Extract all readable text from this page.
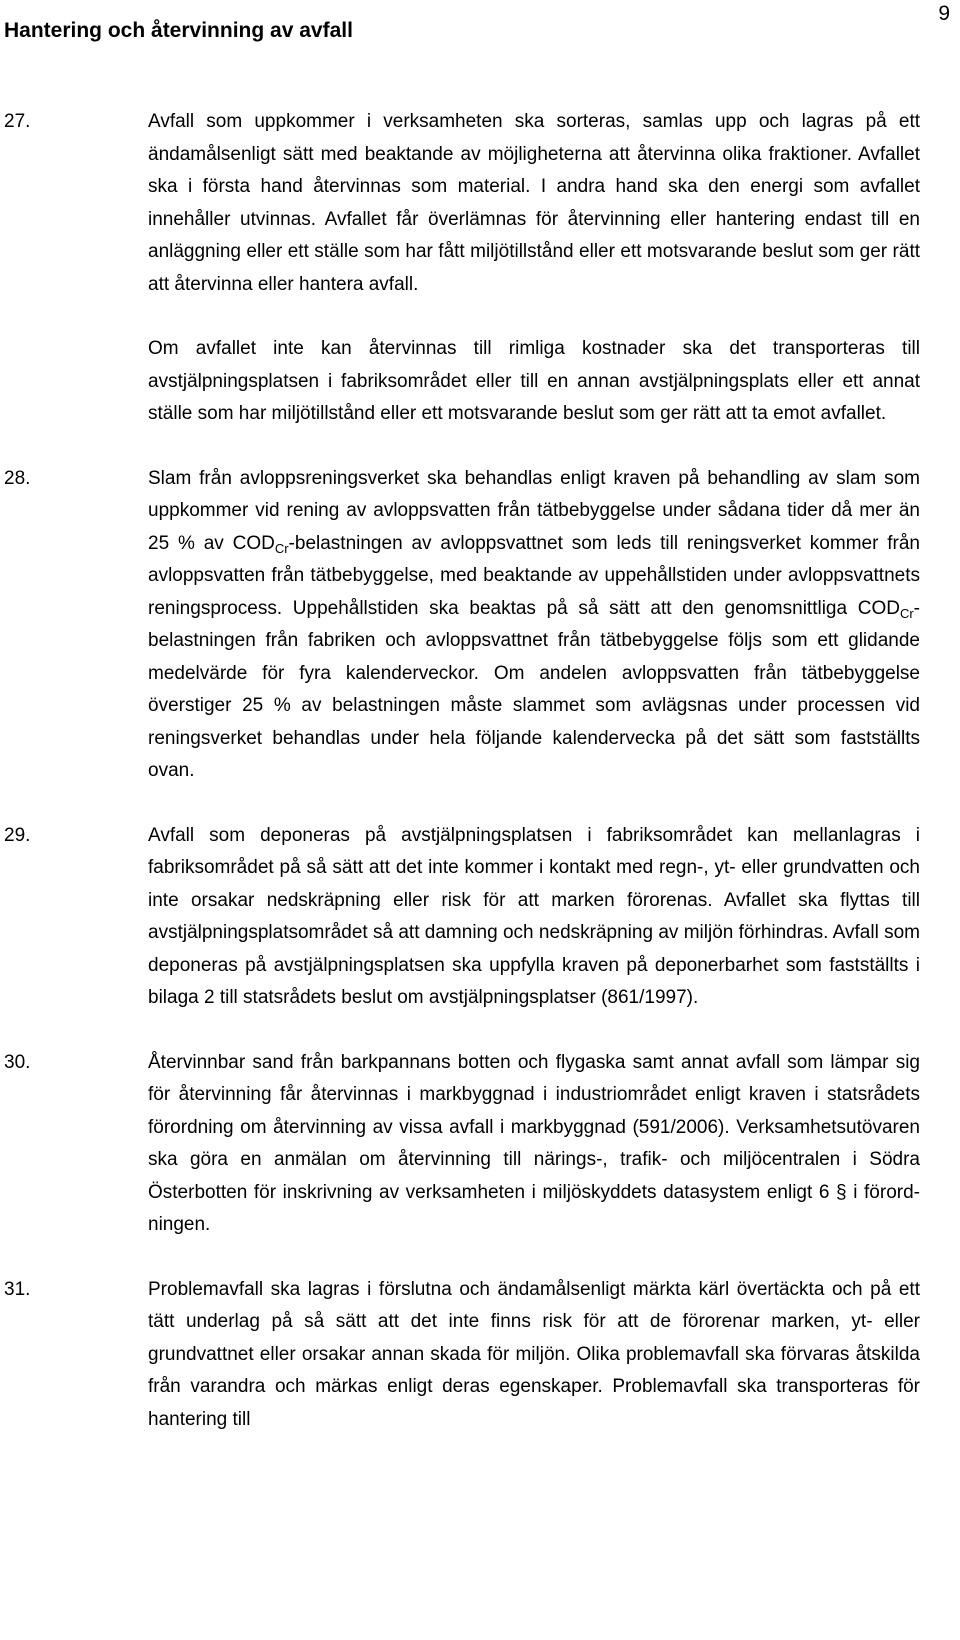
9
Hantering och återvinning av avfall
27.	Avfall som uppkommer i verksamheten ska sorteras, samlas upp och lagras på ett ändamålsenligt sätt med beaktande av möjligheterna att återvinna olika fraktioner. Avfallet ska i första hand återvinnas som material. I andra hand ska den energi som avfallet innehåller utvinnas. Avfallet får överlämnas för återvinning eller hantering endast till en anläggning eller ett ställe som har fått miljötillstånd eller ett motsvarande beslut som ger rätt att återvinna eller hantera avfall.

Om avfallet inte kan återvinnas till rimliga kostnader ska det transporteras till avstjälpningsplatsen i fabriksområdet eller till en annan avstjälpningsplats eller ett annat ställe som har miljötillstånd eller ett motsvarande beslut som ger rätt att ta emot avfallet.

28.	Slam från avloppsreningsverket ska behandlas enligt kraven på behandling av slam som uppkommer vid rening av avloppsvatten från tätbebyggelse under sådana tider då mer än 25 % av $COD_{Cr}$-belastningen av avloppsvattnet som leds till reningsverket kommer från avloppsvatten från tätbebyggelse, med beaktande av uppehållstiden under avloppsvattnets reningsprocess. Uppehållstiden ska beaktas på så sätt att den genomsnittliga $COD_{Cr}$-belastningen från fabriken och avloppsvattnet från tätbebyggelse följs som ett glidande medelvärde för fyra kalenderveckor. Om andelen avloppsvatten från tätbebyggelse överstiger 25 % av belastningen måste slammet som avlägsnas under processen vid reningsverket behandlas under hela följande kalendervecka på det sätt som fastställts ovan.

29.	Avfall som deponeras på avstjälpningsplatsen i fabriksområdet kan mellanlagras i fabriksområdet på så sätt att det inte kommer i kontakt med regn-, yt- eller grundvatten och inte orsakar nedskräpning eller risk för att marken förorenas. Avfallet ska flyttas till avstjälpningsplatsområdet så att damning och nedskräpning av miljön förhindras. Avfall som deponeras på avstjälpningsplatsen ska uppfylla kraven på deponerbarhet som fastställts i bilaga 2 till statsrådets beslut om avstjälpningsplatser (861/1997).

30.	Återvinnbar sand från barkpannans botten och flygaska samt annat avfall som lämpar sig för återvinning får återvinnas i markbyggnad i industriområdet enligt kraven i statsrådets förordning om återvinning av vissa avfall i markbyggnad (591/2006). Verksamhetsutövaren ska göra en anmälan om återvinning till närings-, trafik- och miljöcentralen i Södra Österbotten för inskrivning av verksamheten i miljöskyddets datasystem enligt 6 § i förordningen.

31.	Problemavfall ska lagras i förslutna och ändamålsenligt märkta kärl övertäckta och på ett tätt underlag på så sätt att det inte finns risk för att de förorenar marken, yt- eller grundvattnet eller orsakar annan skada för miljön. Olika problemavfall ska förvaras åtskilda från varandra och märkas enligt deras egenskaper. Problemavfall ska transporteras för hantering till
